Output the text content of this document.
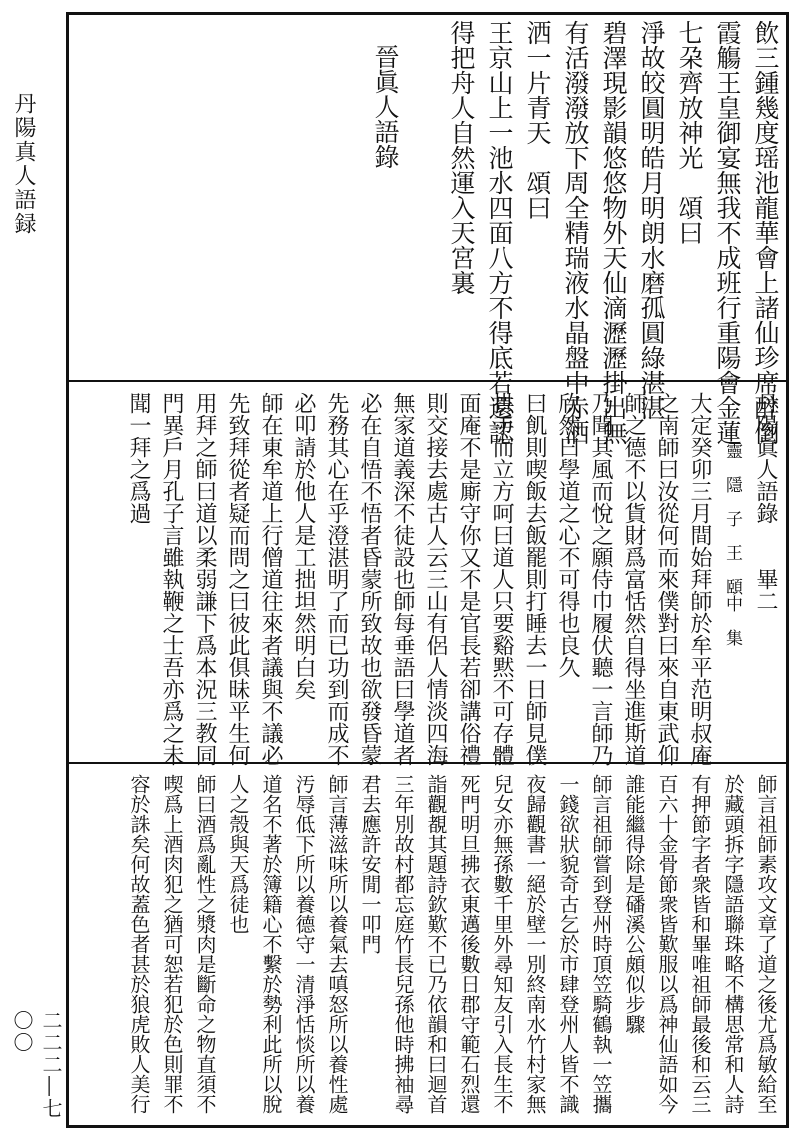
丹陽真人語録
二二二―七〇〇
飲三鍾幾度瑶池龍華會上諸仙珍席醉倒
霞觴王皇御宴無我不成班行重陽會金蓮
七朶齊放神光　頌曰
淨故皎圓明皓月明朗水磨孤圓綠湛湛
碧澤現影韻悠悠物外天仙滴瀝瀝掛出無
有活潑潑放下周全精瑞液水晶盤中赤洒
洒一片青天　頌曰
王京山上一池水四面八方不得底若還認
得把舟人自然運入天宮裏
晉眞人語錄
丹陽眞人語錄　　畢二
靈　隱　子　王　頤中　集
大定癸卯三月間始拜師於牟平范明叔庵
之南師曰汝從何而來僕對曰來自東武仰
師之德不以貨財爲富恬然自得坐進斯道
乃聞其風而悅之願侍巾履伏聽一言師乃
欣然曰學道之心不可得也良久
曰飢則喫飯去飯罷則打睡去一日師見僕
拱手而立方呵曰道人只要谿黙不可存體
面庵不是廝守你又不是官長若卻講俗禮
則交接去處古人云三山有侶人情淡四海
無家道義深不徒設也師每垂語曰學道者
必在自悟不悟者昏蒙所致故也欲發昏蒙
先務其心在乎澄湛明了而已功到而成不
必叩請於他人是工拙坦然明白矣
師在東牟道上行僧道往來者議與不議必
先致拜從者疑而問之曰彼此俱昧平生何
用拜之師曰道以柔弱謙下爲本況三教同
門異戶月孔子言雖執鞭之士吾亦爲之未
聞一拜之爲過
師言祖師素攻文章了道之後尤爲敏給至
於藏頭拆字隱語聯珠略不構思常和人詩
有押節字者衆皆和畢唯祖師最後和云三
百六十金骨節衆皆歎服以爲神仙語如今
誰能繼得除是磻溪公頗似步驟
師言祖師嘗到登州時頂笠騎鶴執一笠攜
一錢欲狀貌奇古乞於市肆登州人皆不識
夜歸觀書一絕於壁一別終南水竹村家無
兒女亦無孫數千里外尋知友引入長生不
死門明旦拂衣東邁後數日郡守範石烈還
詣觀覩其題詩欽歎不已乃依韻和曰迴首
三年別故村都忘庭竹長兒孫他時拂袖尋
君去應許安閒一叩門
師言薄滋味所以養氣去嗔怒所以養性處
汚辱低下所以養德守一清淨恬惔所以養
道名不著於簿籍心不繫於勢利此所以脫
人之殼與天爲徒也
師曰酒爲亂性之漿肉是斷命之物直須不
喫爲上酒肉犯之猶可恕若犯於色則罪不
容於誅矣何故蓋色者甚於狼虎敗人美行
